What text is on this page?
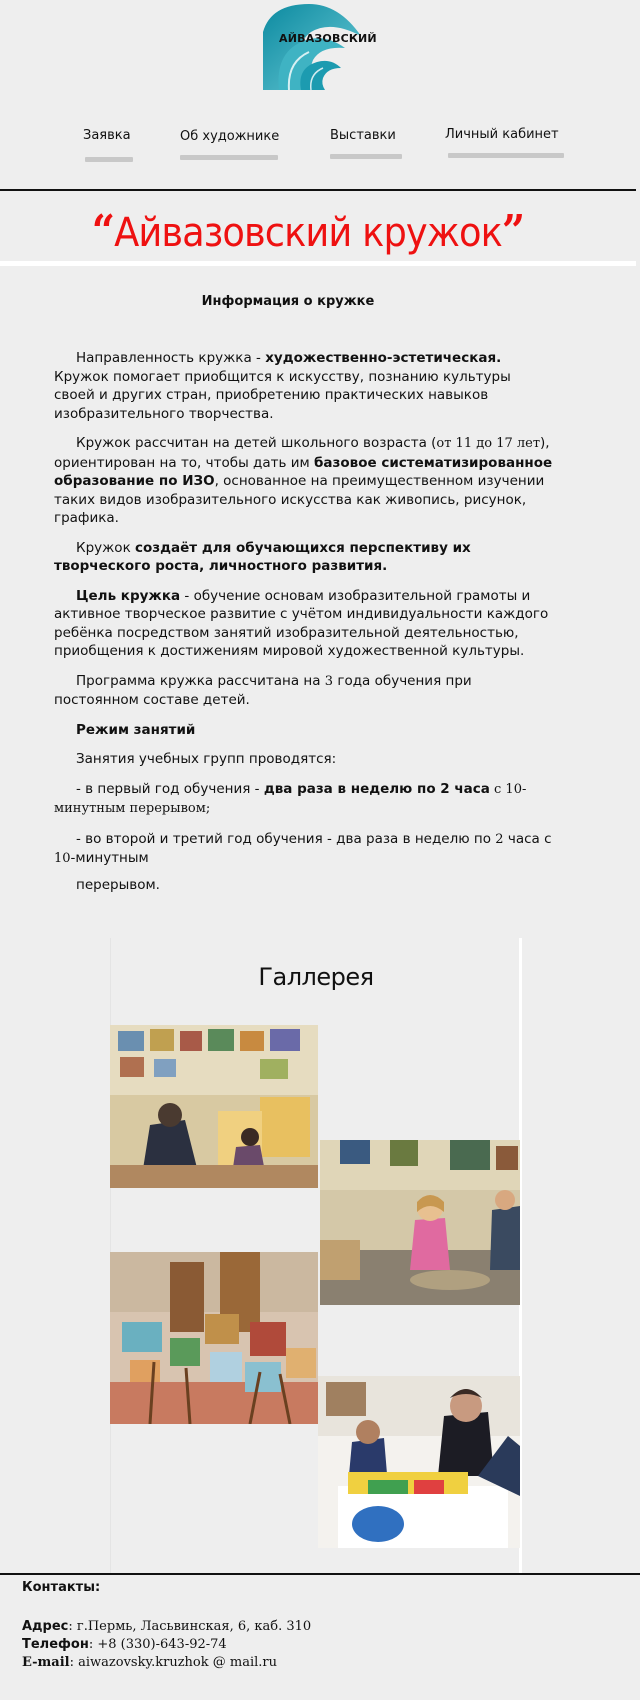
АЙВАЗОВСКИЙ
Заявка	Об художнике	Выставки	Личный кабинет
“Айвазовский кружок”
Информация о кружке

Направленность кружка - художественно-эстетическая. Кружок помогает приобщится к искусству, познанию культуры своей и других стран, приобретению практических навыков изобразительного творчества.

Кружок рассчитан на детей школьного возраста (от 11 до 17 лет), ориентирован на то, чтобы дать им базовое систематизированное образование по ИЗО, основанное на преимущественном изучении таких видов изобразительного искусства как живопись, рисунок, графика.

Кружок создаёт для обучающихся перспективу их творческого роста, личностного развития.

Цель кружка - обучение основам изобразительной грамоты и активное творческое развитие с учётом индивидуальности каждого ребёнка посредством занятий изобразительной деятельностью, приобщения к достижениям мировой художественной культуры.

Программа кружка рассчитана на 3 года обучения при постоянном составе детей.

Режим занятий

Занятия учебных групп проводятся:

- в первый год обучения - два раза в неделю по 2 часа с 10-минутным перерывом;

- во второй и третий год обучения - два раза в неделю по 2 часа с 10-минутным

перерывом.

Галлерея
Контакты:
Адрес: г.Пермь, Ласьвинская, 6, каб. 310
Телефон: +8 (330)-643-92-74
E-mail: aiwazovsky.kruzhok @ mail.ru
